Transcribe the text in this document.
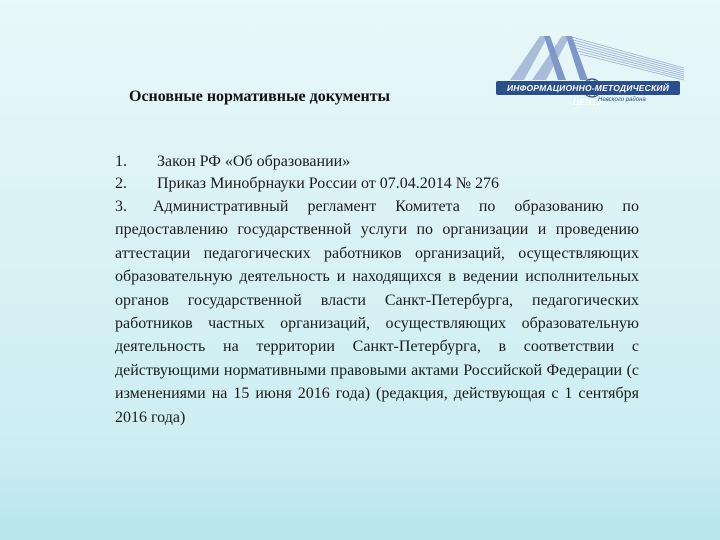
ИНФОРМАЦИОННО-МЕТОДИЧЕСКИЙ ЦЕНТР
Невского района
Основные нормативные документы
1.	Закон РФ «Об образовании»
2.	Приказ Минобрнауки России от 07.04.2014 № 276
3. Административный регламент Комитета по образованию по предоставлению государственной услуги по организации и проведению аттестации педагогических работников организаций, осуществляющих образовательную деятельность и находящихся в ведении исполнительных органов государственной власти Санкт-Петербурга, педагогических работников частных организаций, осуществляющих образовательную деятельность на территории Санкт-Петербурга, в соответствии с действующими нормативными правовыми актами Российской Федерации (с изменениями на 15 июня 2016 года) (редакция, действующая с 1 сентября 2016 года)
